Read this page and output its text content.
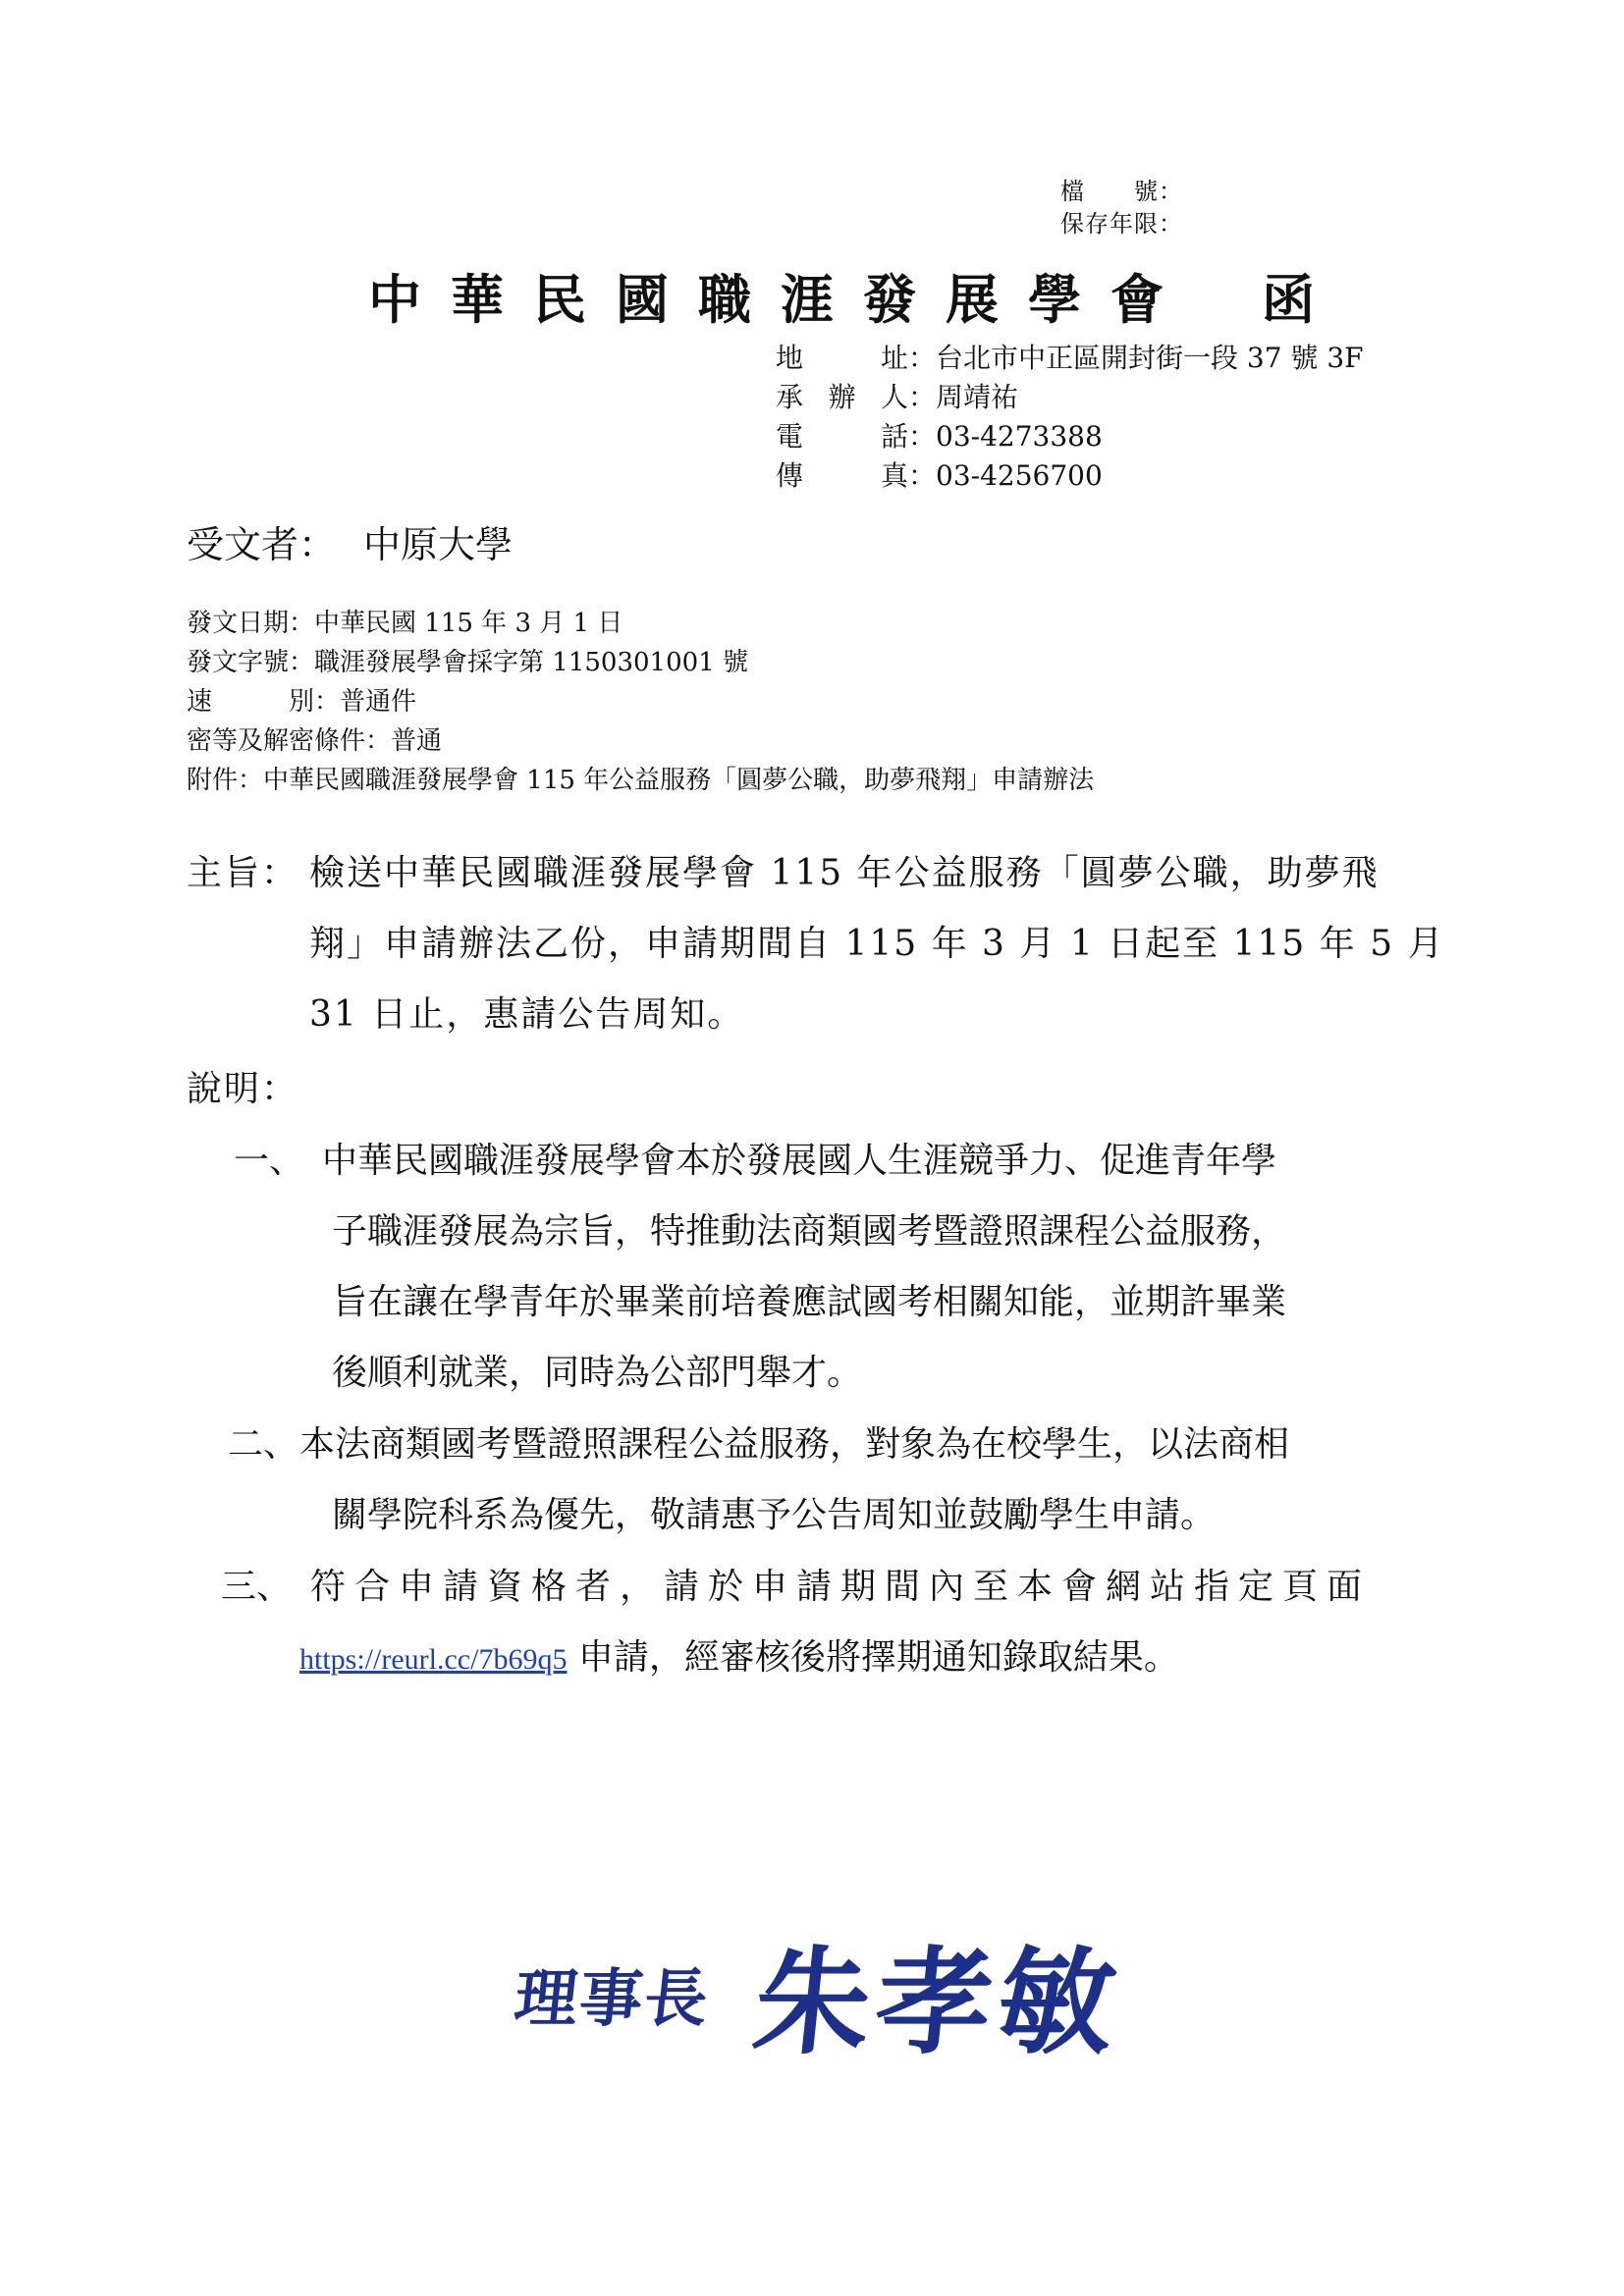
檔　　號：
保存年限：
中 華 民 國 職 涯 發 展 學 會 函
地址：台北市中正區開封街一段 37 號 3F
承辦人：周靖祐
電話：03-4273388
傳真：03-4256700
受文者： 中原大學
發文日期：中華民國 115 年 3 月 1 日
發文字號：職涯發展學會採字第 1150301001 號
速別：普通件
密等及解密條件：普通
附件：中華民國職涯發展學會 115 年公益服務「圓夢公職，助夢飛翔」申請辦法
主旨： 檢送中華民國職涯發展學會 115 年公益服務「圓夢公職，助夢飛
翔」申請辦法乙份，申請期間自 115 年 3 月 1 日起至 115 年 5 月
31 日止，惠請公告周知。
說明：
一、 中華民國職涯發展學會本於發展國人生涯競爭力、促進青年學
子職涯發展為宗旨，特推動法商類國考暨證照課程公益服務，
旨在讓在學青年於畢業前培養應試國考相關知能，並期許畢業
後順利就業，同時為公部門舉才。
二、 本法商類國考暨證照課程公益服務，對象為在校學生，以法商相
關學院科系為優先，敬請惠予公告周知並鼓勵學生申請。
三、 符合申請資格者，請於申請期間內至本會網站指定頁面
https://reurl.cc/7b69q5 申請，經審核後將擇期通知錄取結果。
理事長 朱孝敏
